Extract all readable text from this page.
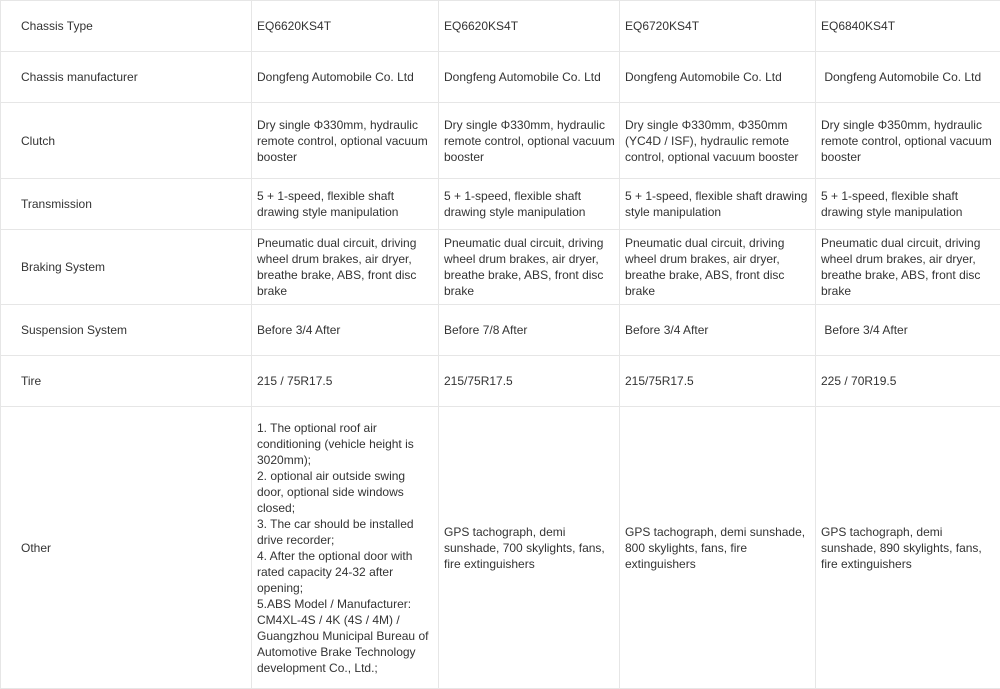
Chassis Type	EQ6620KS4T	EQ6620KS4T	EQ6720KS4T	EQ6840KS4T
Chassis manufacturer	Dongfeng Automobile Co. Ltd	Dongfeng Automobile Co. Ltd	Dongfeng Automobile Co. Ltd	Dongfeng Automobile Co. Ltd
Clutch	Dry single Φ330mm, hydraulic remote control, optional vacuum booster	Dry single Φ330mm, hydraulic remote control, optional vacuum booster	Dry single Φ330mm, Φ350mm (YC4D / ISF), hydraulic remote control, optional vacuum booster	Dry single Φ350mm, hydraulic remote control, optional vacuum booster
Transmission	5 + 1-speed, flexible shaft drawing style manipulation	5 + 1-speed, flexible shaft drawing style manipulation	5 + 1-speed, flexible shaft drawing style manipulation	5 + 1-speed, flexible shaft drawing style manipulation
Braking System	Pneumatic dual circuit, driving wheel drum brakes, air dryer, breathe brake, ABS, front disc brake	Pneumatic dual circuit, driving wheel drum brakes, air dryer, breathe brake, ABS, front disc brake	Pneumatic dual circuit, driving wheel drum brakes, air dryer, breathe brake, ABS, front disc brake	Pneumatic dual circuit, driving wheel drum brakes, air dryer, breathe brake, ABS, front disc brake
Suspension System	Before 3/4 After	Before 7/8 After	Before 3/4 After	Before 3/4 After
Tire	215 / 75R17.5	215/75R17.5	215/75R17.5	225 / 70R19.5
Other	1. The optional roof air conditioning (vehicle height is 3020mm);
2. optional air outside swing door, optional side windows closed;
3. The car should be installed drive recorder;
4. After the optional door with rated capacity 24-32 after opening;
5.ABS Model / Manufacturer: CM4XL-4S / 4K (4S / 4M) / Guangzhou Municipal Bureau of Automotive Brake Technology development Co., Ltd.;	GPS tachograph, demi sunshade, 700 skylights, fans, fire extinguishers	GPS tachograph, demi sunshade, 800 skylights, fans, fire extinguishers	GPS tachograph, demi sunshade, 890 skylights, fans, fire extinguishers
